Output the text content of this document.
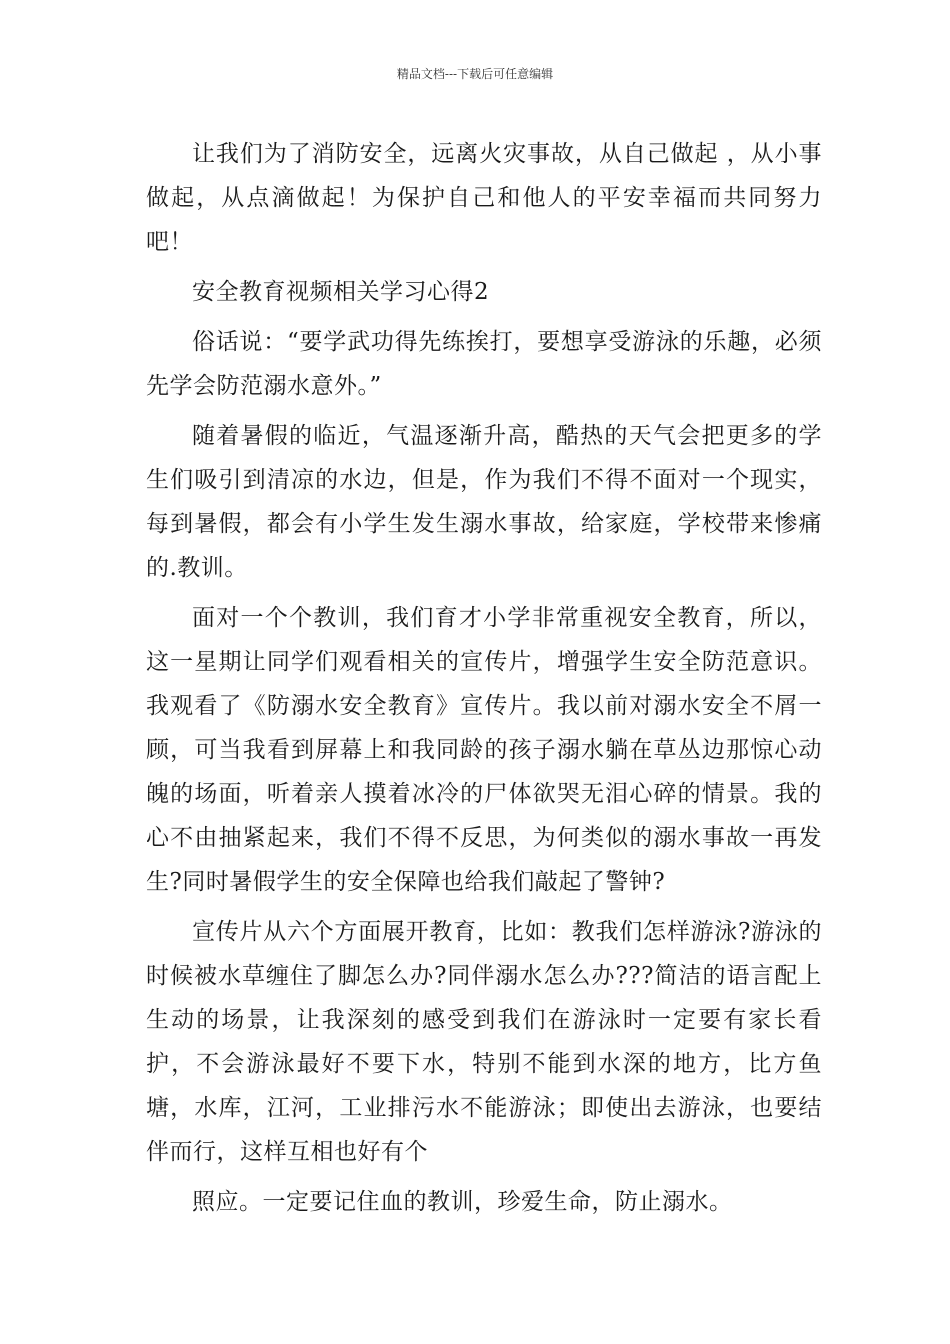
精品文档---下载后可任意编辑

让我们为了消防安全，远离火灾事故，从自己做起 ，从小事做起，从点滴做起！为保护自己和他人的平安幸福而共同努力吧！

安全教育视频相关学习心得2

俗话说：“要学武功得先练挨打，要想享受游泳的乐趣，必须先学会防范溺水意外。”

随着暑假的临近，气温逐渐升高，酷热的天气会把更多的学生们吸引到清凉的水边，但是，作为我们不得不面对一个现实，每到暑假，都会有小学生发生溺水事故，给家庭，学校带来惨痛的.教训。

面对一个个教训，我们育才小学非常重视安全教育，所以，这一星期让同学们观看相关的宣传片，增强学生安全防范意识。我观看了《防溺水安全教育》宣传片。我以前对溺水安全不屑一顾，可当我看到屏幕上和我同龄的孩子溺水躺在草丛边那惊心动魄的场面，听着亲人摸着冰冷的尸体欲哭无泪心碎的情景。我的心不由抽紧起来，我们不得不反思，为何类似的溺水事故一再发生?同时暑假学生的安全保障也给我们敲起了警钟?

宣传片从六个方面展开教育，比如：教我们怎样游泳?游泳的时候被水草缠住了脚怎么办?同伴溺水怎么办???简洁的语言配上生动的场景，让我深刻的感受到我们在游泳时一定要有家长看护，不会游泳最好不要下水，特别不能到水深的地方，比方鱼塘，水库，江河，工业排污水不能游泳；即使出去游泳，也要结伴而行，这样互相也好有个

照应。一定要记住血的教训，珍爱生命，防止溺水。
